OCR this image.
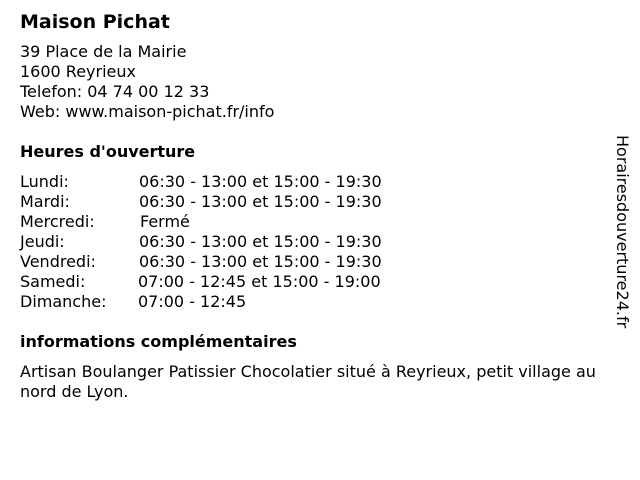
Maison Pichat
39 Place de la Mairie
1600 Reyrieux
Telefon: 04 74 00 12 33
Web: www.maison-pichat.fr/info
Heures d'ouverture
Lundi:	06:30 - 13:00 et 15:00 - 19:30
Mardi:	06:30 - 13:00 et 15:00 - 19:30
Mercredi:	Fermé
Jeudi:	06:30 - 13:00 et 15:00 - 19:30
Vendredi:	06:30 - 13:00 et 15:00 - 19:30
Samedi:	07:00 - 12:45 et 15:00 - 19:00
Dimanche: 07:00 - 12:45
informations complémentaires
Artisan Boulanger Patissier Chocolatier situé à Reyrieux, petit village au nord de Lyon.
Horairesdouverture24.fr
